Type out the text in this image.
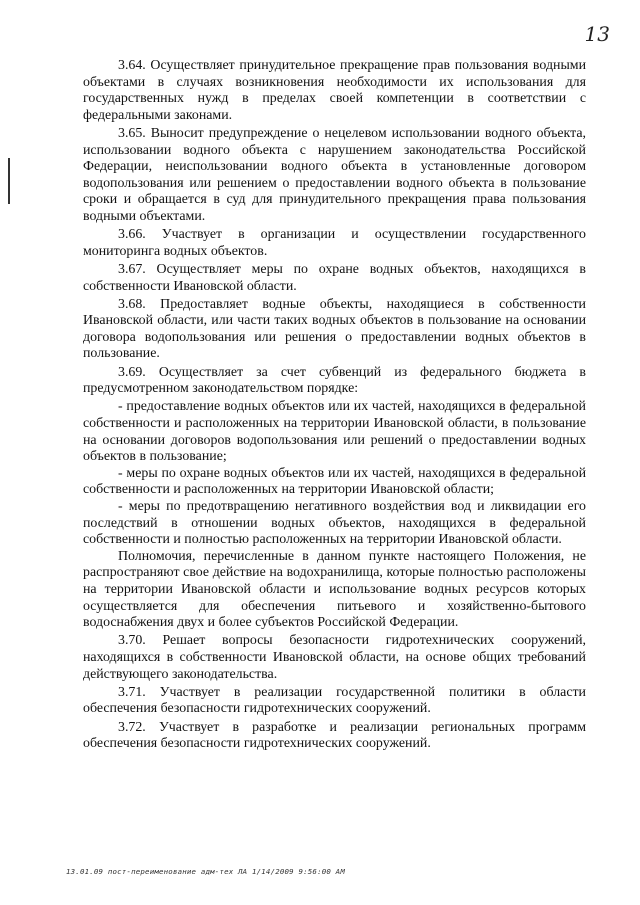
13

3.64. Осуществляет принудительное прекращение прав пользования водными объектами в случаях возникновения необходимости их использования для государственных нужд в пределах своей компетенции в соответствии с федеральными законами.

3.65. Выносит предупреждение о нецелевом использовании водного объекта, использовании водного объекта с нарушением законодательства Российской Федерации, неиспользовании водного объекта в установленные договором водопользования или решением о предоставлении водного объекта в пользование сроки и обращается в суд для принудительного прекращения права пользования водными объектами.

3.66. Участвует в организации и осуществлении государственного мониторинга водных объектов.

3.67. Осуществляет меры по охране водных объектов, находящихся в собственности Ивановской области.

3.68. Предоставляет водные объекты, находящиеся в собственности Ивановской области, или части таких водных объектов в пользование на основании договора водопользования или решения о предоставлении водных объектов в пользование.

3.69. Осуществляет за счет субвенций из федерального бюджета в предусмотренном законодательством порядке:

- предоставление водных объектов или их частей, находящихся в федеральной собственности и расположенных на территории Ивановской области, в пользование на основании договоров водопользования или решений о предоставлении водных объектов в пользование;

- меры по охране водных объектов или их частей, находящихся в федеральной собственности и расположенных на территории Ивановской области;

- меры по предотвращению негативного воздействия вод и ликвидации его последствий в отношении водных объектов, находящихся в федеральной собственности и полностью расположенных на территории Ивановской области.

Полномочия, перечисленные в данном пункте настоящего Положения, не распространяют свое действие на водохранилища, которые полностью расположены на территории Ивановской области и использование водных ресурсов которых осуществляется для обеспечения питьевого и хозяйственно-бытового водоснабжения двух и более субъектов Российской Федерации.

3.70. Решает вопросы безопасности гидротехнических сооружений, находящихся в собственности Ивановской области, на основе общих требований действующего законодательства.

3.71. Участвует в реализации государственной политики в области обеспечения безопасности гидротехнических сооружений.

3.72. Участвует в разработке и реализации региональных программ обеспечения безопасности гидротехнических сооружений.

13.01.09 пост-переименование адм-тех ЛА 1/14/2009 9:56:00 AM
